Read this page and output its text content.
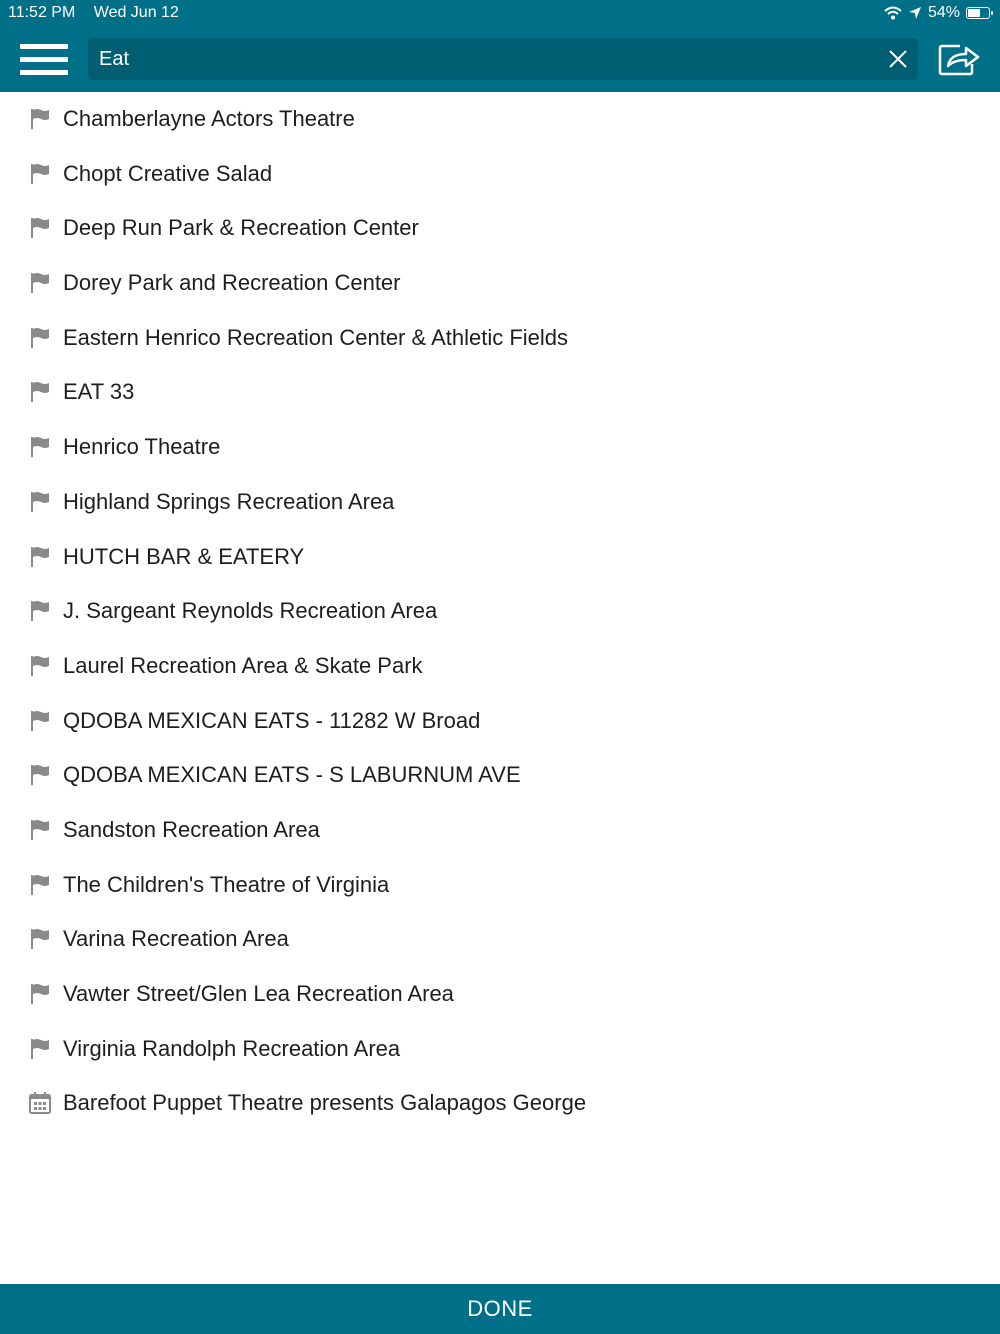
11:52 PM Wed Jun 12	54%
Eat
Chamberlayne Actors Theatre
Chopt Creative Salad
Deep Run Park & Recreation Center
Dorey Park and Recreation Center
Eastern Henrico Recreation Center & Athletic Fields
EAT 33
Henrico Theatre
Highland Springs Recreation Area
HUTCH BAR & EATERY
J. Sargeant Reynolds Recreation Area
Laurel Recreation Area & Skate Park
QDOBA MEXICAN EATS - 11282 W Broad
QDOBA MEXICAN EATS - S LABURNUM AVE
Sandston Recreation Area
The Children's Theatre of Virginia
Varina Recreation Area
Vawter Street/Glen Lea Recreation Area
Virginia Randolph Recreation Area
Barefoot Puppet Theatre presents Galapagos George
DONE
